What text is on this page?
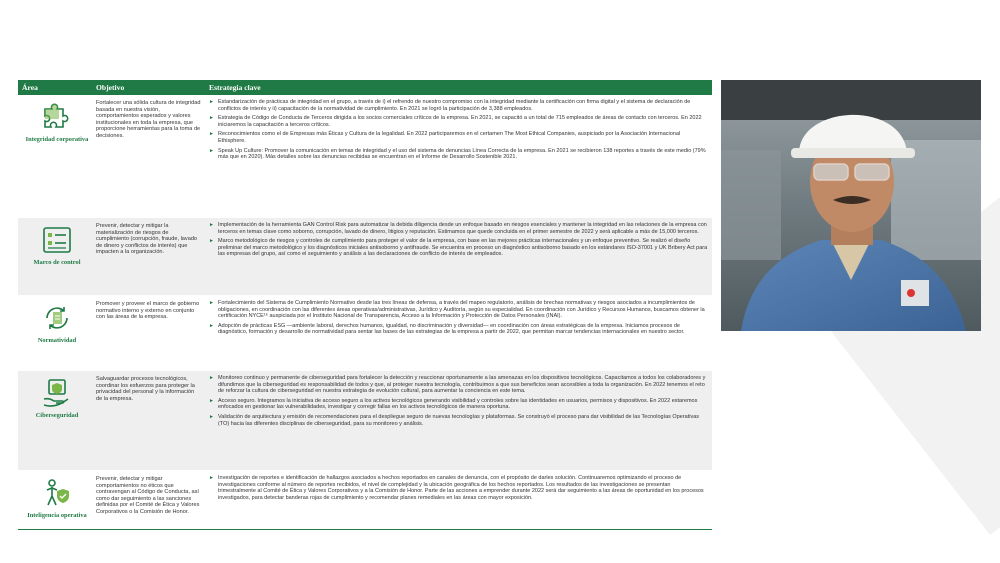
Área	Objetivo	Estrategia clave
Integridad corporativa
Fortalecer una sólida cultura de integridad basada en nuestra visión, comportamientos esperados y valores institucionales en toda la empresa, que proporcione herramientas para la toma de decisiones.
► Estandarización de prácticas de integridad en el grupo, a través de i) el refrendo de nuestro compromiso con la integridad mediante la certificación con firma digital y el sistema de declaración de conflictos de interés y ii) capacitación de la normatividad de cumplimiento. En 2021 se logró la participación de 3,388 empleados.
► Estrategia de Código de Conducta de Terceros dirigida a los socios comerciales críticos de la empresa. En 2021, se capacitó a un total de 715 empleados de áreas de contacto con terceros. En 2022 iniciaremos la capacitación a terceros críticos.
► Reconocimientos como el de Empresas más Éticas y Cultura de la legalidad. En 2022 participaremos en el certamen The Most Ethical Companies, auspiciado por la Asociación Internacional Ethisphere.
► Speak Up Culture: Promover la comunicación en temas de integridad y el uso del sistema de denuncias Línea Correcta de la empresa. En 2021 se recibieron 138 reportes a través de este medio (79% más que en 2020). Más detalles sobre las denuncias recibidas se encuentran en el Informe de Desarrollo Sostenible 2021.
Marco de control
Prevenir, detectar y mitigar la materialización de riesgos de cumplimiento (corrupción, fraude, lavado de dinero y conflictos de interés) que impacten a la organización.
► Implementación de la herramienta GAN Control Risk para automatizar la debida diligencia desde un enfoque basado en riesgos esenciales y mantener la integridad en las relaciones de la empresa con terceros en temas clave como soborno, corrupción, lavado de dinero, litigios y reputación. Estimamos que quede concluida en el primer semestre de 2022 y será aplicable a más de 15,000 terceros.
► Marco metodológico de riesgos y controles de cumplimiento para proteger el valor de la empresa, con base en las mejores prácticas internacionales y un enfoque preventivo. Se realizó el diseño preliminar del marco metodológico y los diagnósticos iniciales antisoborno y antifraude. Se encuentra en proceso un diagnóstico antisoborno basado en los estándares ISO-37001 y UK Bribery Act para las empresas del grupo, así como el seguimiento y análisis a las declaraciones de conflicto de interés de empleados.
Normatividad
Promover y proveer el marco de gobierno normativo interno y externo en conjunto con las áreas de la empresa.
► Fortalecimiento del Sistema de Cumplimiento Normativo desde las tres líneas de defensa, a través del mapeo regulatorio, análisis de brechas normativas y riesgos asociados a incumplimientos de obligaciones, en coordinación con las diferentes áreas operativas/administrativas, Jurídico y Auditoría, según su especialidad. En coordinación con Jurídico y Recursos Humanos, buscamos obtener la certificación NYCE¹⁶ auspiciada por el Instituto Nacional de Transparencia, Acceso a la Información y Protección de Datos Personales (INAI).
► Adopción de prácticas ESG —ambiente laboral, derechos humanos, igualdad, no discriminación y diversidad— en coordinación con áreas estratégicas de la empresa. Iniciamos procesos de diagnóstico, formación y desarrollo de normatividad para sentar las bases de las estrategias de la empresa a partir de 2022, que permitan marcar tendencias internacionales en nuestro sector.
Ciberseguridad
Salvaguardar procesos tecnológicos, coordinar los esfuerzos para proteger la privacidad del personal y la información de la empresa.
► Monitoreo continuo y permanente de ciberseguridad para fortalecer la detección y reaccionar oportunamente a las amenazas en los dispositivos tecnológicos. Capacitamos a todos los colaboradores y difundimos que la ciberseguridad es responsabilidad de todos y que, al proteger nuestra tecnología, contribuimos a que sus beneficios sean accesibles a toda la organización. En 2022 tenemos el reto de reforzar la cultura de ciberseguridad en nuestra estrategia de evolución cultural, para aumentar la conciencia en este tema.
► Acceso seguro. Integramos la iniciativa de acceso seguro a los activos tecnológicos generando visibilidad y controles sobre las identidades en usuarios, permisos y dispositivos. En 2022 estaremos enfocados en gestionar las vulnerabilidades, investigar y corregir fallas en los activos tecnológicos de manera oportuna.
► Validación de arquitectura y emisión de recomendaciones para el despliegue seguro de nuevas tecnologías y plataformas. Se construyó el proceso para dar visibilidad de las Tecnologías Operativas (TO) hacia las diferentes disciplinas de ciberseguridad, para su monitoreo y análisis.
Inteligencia operativa
Prevenir, detectar y mitigar comportamientos no éticos que contravengan al Código de Conducta, así como dar seguimiento a las sanciones definidas por el Comité de Ética y Valores Corporativos o la Comisión de Honor.
► Investigación de reportes e identificación de hallazgos asociados a hechos reportados en canales de denuncia, con el propósito de darles solución. Continuaremos optimizando el proceso de investigaciones conforme al número de reportes recibidos, el nivel de complejidad y la ubicación geográfica de los hechos reportados. Los resultados de las investigaciones se presentan trimestralmente al Comité de Ética y Valores Corporativos y a la Comisión de Honor. Parte de las acciones a emprender durante 2022 será dar seguimiento a las áreas de oportunidad en los procesos investigados, para detectar banderas rojas de cumplimiento y recomendar planes remediales en las áreas con mayor exposición.
